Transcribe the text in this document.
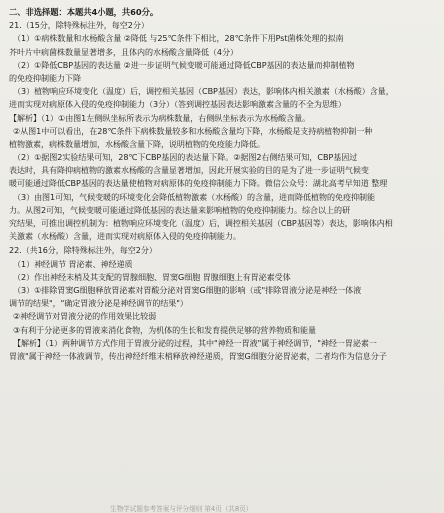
二、非选择题：本题共4小题，共60分。
21.（15分，除特殊标注外，每空2分）
（1）①病株数量和水杨酸含量 ②降低 与25℃条件下相比，28℃条件下用Pst菌株处理的拟南
芥叶片中病菌株数量显著增多，且体内的水杨酸含量降低（4分）
（2）①降低CBP基因的表达量 ②进一步证明气候变暖可能通过降低CBP基因的表达量而抑制植物
的免疫抑制能力下降
（3）植物响应环境变化（温度）后，调控相关基因（CBP基因）表达，影响体内相关激素（水杨酸）含量，
进而实现对病原体入侵的免疫抑制能力（3分）（答到调控基因表达影响激素含量的不全为思维）
【解析】（1）①由图1左侧纵坐标所表示为病株数量，右侧纵坐标表示为水杨酸含量。
②从图1中可以看出，在28℃条件下病株数量较多和水杨酸含量均下降，水杨酸是支持病植物抑制一种
植物激素，病株数量增加，水杨酸含量下降，说明植物的免疫能力降低。
（2）①据图2实验结果可知，28℃下CBP基因的表达量下降。②据图2右侧结果可知，CBP基因过
表达时，具有降抑病植物的激素水杨酸的含量显著增加，因此开展实验的目的是为了进一步证明气候变
暖可能通过降低CBP基因的表达量使植物对病原体的免疫抑制能力下降。微信公众号：湖北高考早知道 整理
（3）由图1可知，气候变暖的环境变化会降低植物激素（水杨酸）的含量，进而降低植物的免疫抑制能
力。从图2可知，气候变暖可能通过降低基因的表达量来影响植物的免疫抑制能力。综合以上的研
究结果，可推出调控机制为：植物响应环境变化（温度）后，调控相关基因（CBP基因等）表达，影响体内相
关激素（水杨酸）含量，进而实现对病原体入侵的免疫抑制能力。
22.（共16分，除特殊标注外，每空2分）
（1）神经调节 胃泌素、神经递质
（2）作出神经末梢及其支配的胃腺细胞、胃窦G细胞 胃腺细胞上有胃泌素受体
（3）①排除胃窦G细胞释放胃泌素对胃酸分泌对胃窦G细胞的影响（或"排除胃液分泌是神经一体液
调节的结果"，"确定胃液分泌是神经调节的结果"）
②神经调节对胃液分泌的作用效果比较弱
③有利于分泌更多的胃液来消化食物，为机体的生长和发育提供足够的营养物质和能量
【解析】（1）两种调节方式作用于胃液分泌的过程，其中"神经一胃液"属于神经调节，"神经一胃泌素一
胃液"属于神经一体液调节，传出神经纤维末梢释放神经递质，胃窦G细胞分泌胃泌素，二者均作为信息分子
生物学试题参考答案与评分细则 第4页（共8页）
